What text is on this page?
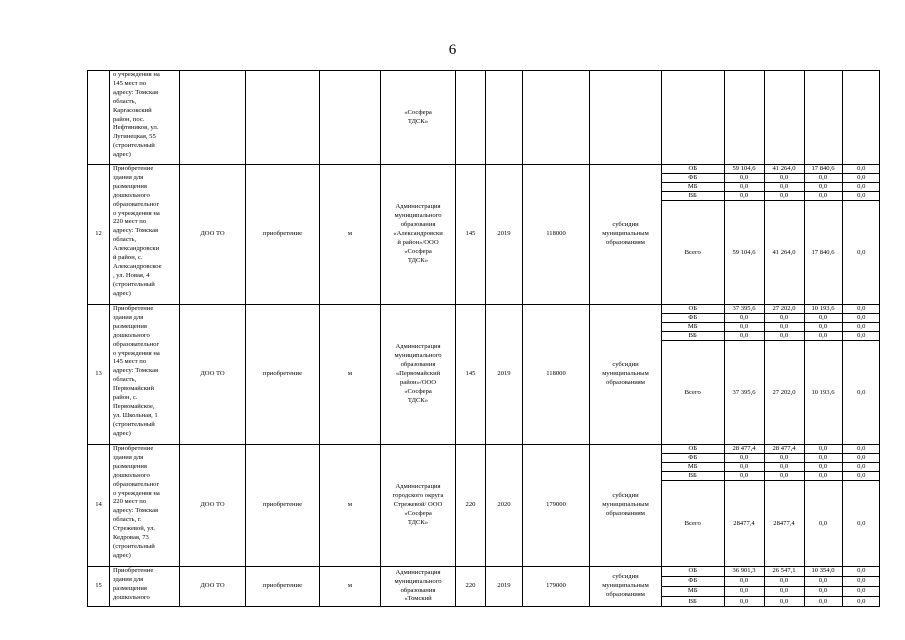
6
	о учреждения на
145 мест по
адресу: Томская
область,
Каргасокский
район, пос.
Нефтяников, ул.
Лугинецкая, 55
(строительный
адрес)				«Сосфера
ТДСК»					

12	Приобретение
здания для
размещения
дошкольного
образовательног
о учреждения на
220 мест по
адресу: Томская
область,
Александровски
й район, с.
Александровское
, ул. Новая, 4
(строительный
адрес)	ДОО ТО	приобретение	м	Администрация
муниципального
образования
«Александровски
й район»/ООО
«Сосфера
ТДСК»	145	2019	118000	субсидии
муниципальным
образованиям	
ОБ	59 104,6	41 264,0	17 840,6	0,0
ФБ	0,0	0,0	0,0	0,0
МБ	0,0	0,0	0,0	0,0
ВБ	0,0	0,0	0,0	0,0
Всего	59 104,6	41 264,0	17 840,6	0,0

13	Приобретение
здания для
размещения
дошкольного
образовательног
о учреждения на
145 мест по
адресу: Томская
область,
Первомайский
район, с.
Первомайское,
ул. Школьная, 1
(строительный
адрес)	ДОО ТО	приобретение	м	Администрация
муниципального
образования
«Первомайский
район»/ООО
«Сосфера
ТДСК»	145	2019	118000	субсидии
муниципальным
образованиям	
ОБ	37 395,6	27 202,0	10 193,6	0,0
ФБ	0,0	0,0	0,0	0,0
МБ	0,0	0,0	0,0	0,0
ВБ	0,0	0,0	0,0	0,0
Всего	37 395,6	27 202,0	10 193,6	0,0

14	Приобретение
здания для
размещения
дошкольного
образовательног
о учреждения на
220 мест по
адресу: Томская
область, г.
Стрежевой, ул.
Кедровая, 73
(строительный
адрес)	ДОО ТО	приобретение	м	Администрация
городского округа
Стрежевой/ ООО
«Сосфера
ТДСК»	220	2020	179000	субсидии
муниципальным
образованиям	
ОБ	28 477,4	28 477,4	0,0	0,0
ФБ	0,0	0,0	0,0	0,0
МБ	0,0	0,0	0,0	0,0
ВБ	0,0	0,0	0,0	0,0
Всего	28477,4	28477,4	0,0	0,0

15	Приобретение
здания для
размещения
дошкольного	ДОО ТО	приобретение	м	Администрация
муниципального
образования
«Томский	220	2019	179000	субсидии
муниципальным
образованиям	
ОБ	36 901,3	26 547,1	10 354,0	0,0
ФБ	0,0	0,0	0,0	0,0
МБ	0,0	0,0	0,0	0,0
ВБ	0,0	0,0	0,0	0,0
